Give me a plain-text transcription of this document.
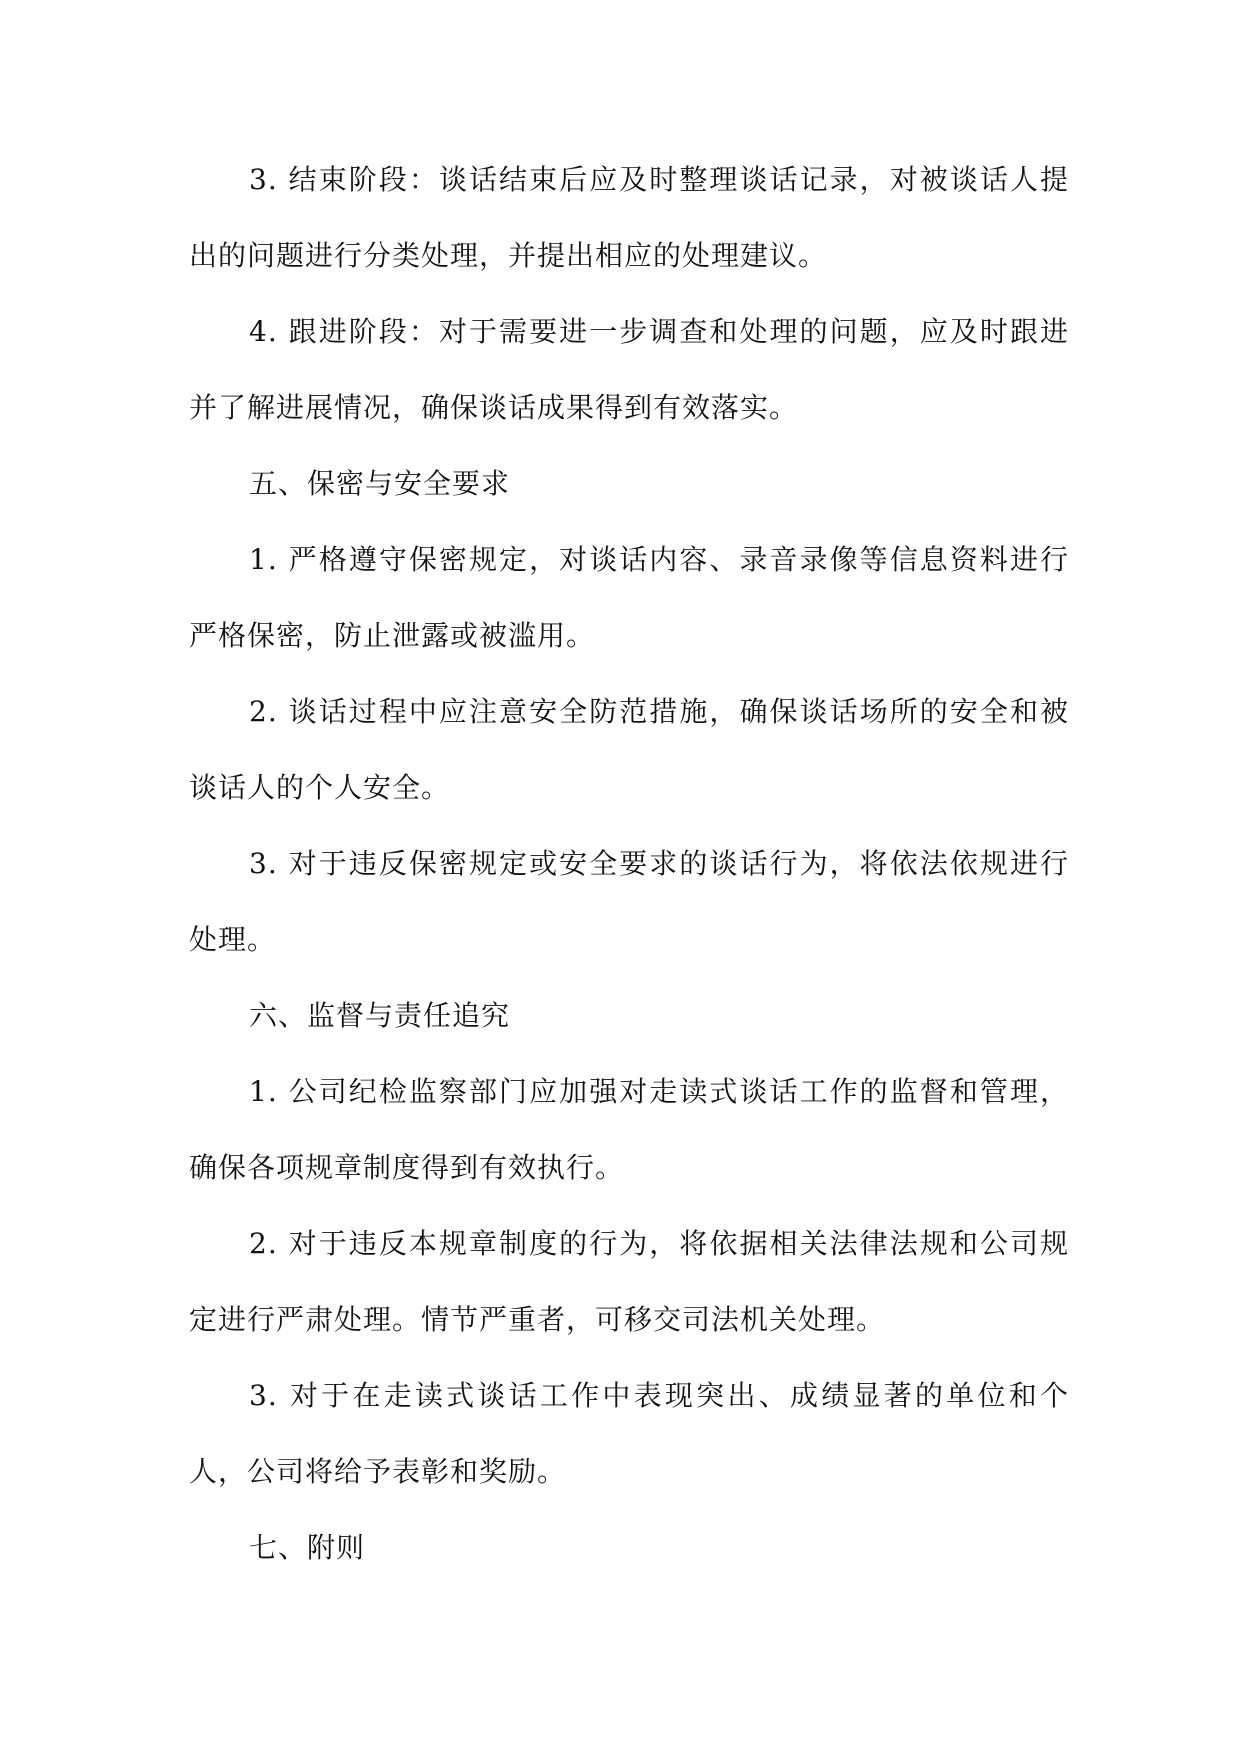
3. 结束阶段：谈话结束后应及时整理谈话记录，对被谈话人提出的问题进行分类处理，并提出相应的处理建议。

4. 跟进阶段：对于需要进一步调查和处理的问题，应及时跟进并了解进展情况，确保谈话成果得到有效落实。

五、保密与安全要求

1. 严格遵守保密规定，对谈话内容、录音录像等信息资料进行严格保密，防止泄露或被滥用。

2. 谈话过程中应注意安全防范措施，确保谈话场所的安全和被谈话人的个人安全。

3. 对于违反保密规定或安全要求的谈话行为，将依法依规进行处理。

六、监督与责任追究

1. 公司纪检监察部门应加强对走读式谈话工作的监督和管理，确保各项规章制度得到有效执行。

2. 对于违反本规章制度的行为，将依据相关法律法规和公司规定进行严肃处理。情节严重者，可移交司法机关处理。

3. 对于在走读式谈话工作中表现突出、成绩显著的单位和个人，公司将给予表彰和奖励。

七、附则
